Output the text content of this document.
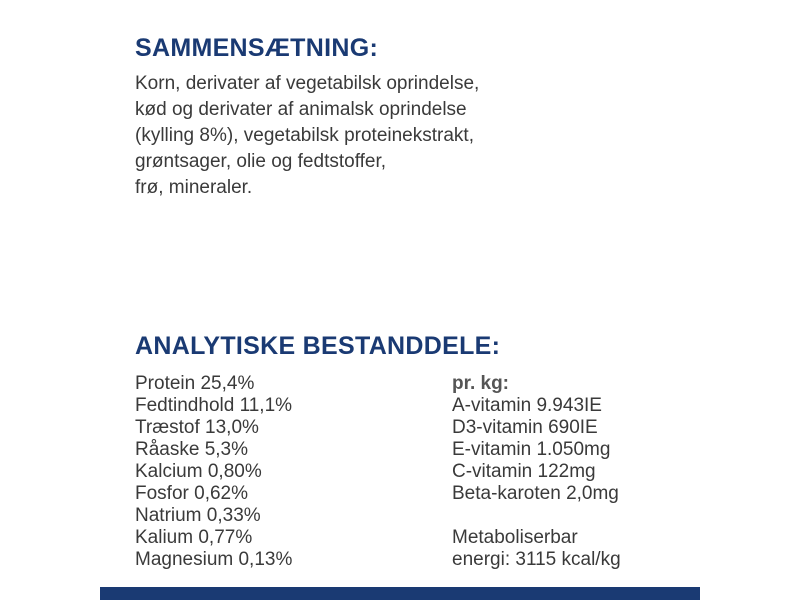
SAMMENSÆTNING:

Korn, derivater af vegetabilsk oprindelse,
kød og derivater af animalsk oprindelse
(kylling 8%), vegetabilsk proteinekstrakt,
grøntsager, olie og fedtstoffer,
frø, mineraler.

ANALYTISKE BESTANDDELE:
Protein 25,4%
Fedtindhold 11,1%
Træstof 13,0%
Råaske 5,3%
Kalcium 0,80%
Fosfor 0,62%
Natrium 0,33%
Kalium 0,77%
Magnesium 0,13%
pr. kg:
A-vitamin 9.943IE
D3-vitamin 690IE
E-vitamin 1.050mg
C-vitamin 122mg
Beta-karoten 2,0mg
Metaboliserbar
energi: 3115 kcal/kg
